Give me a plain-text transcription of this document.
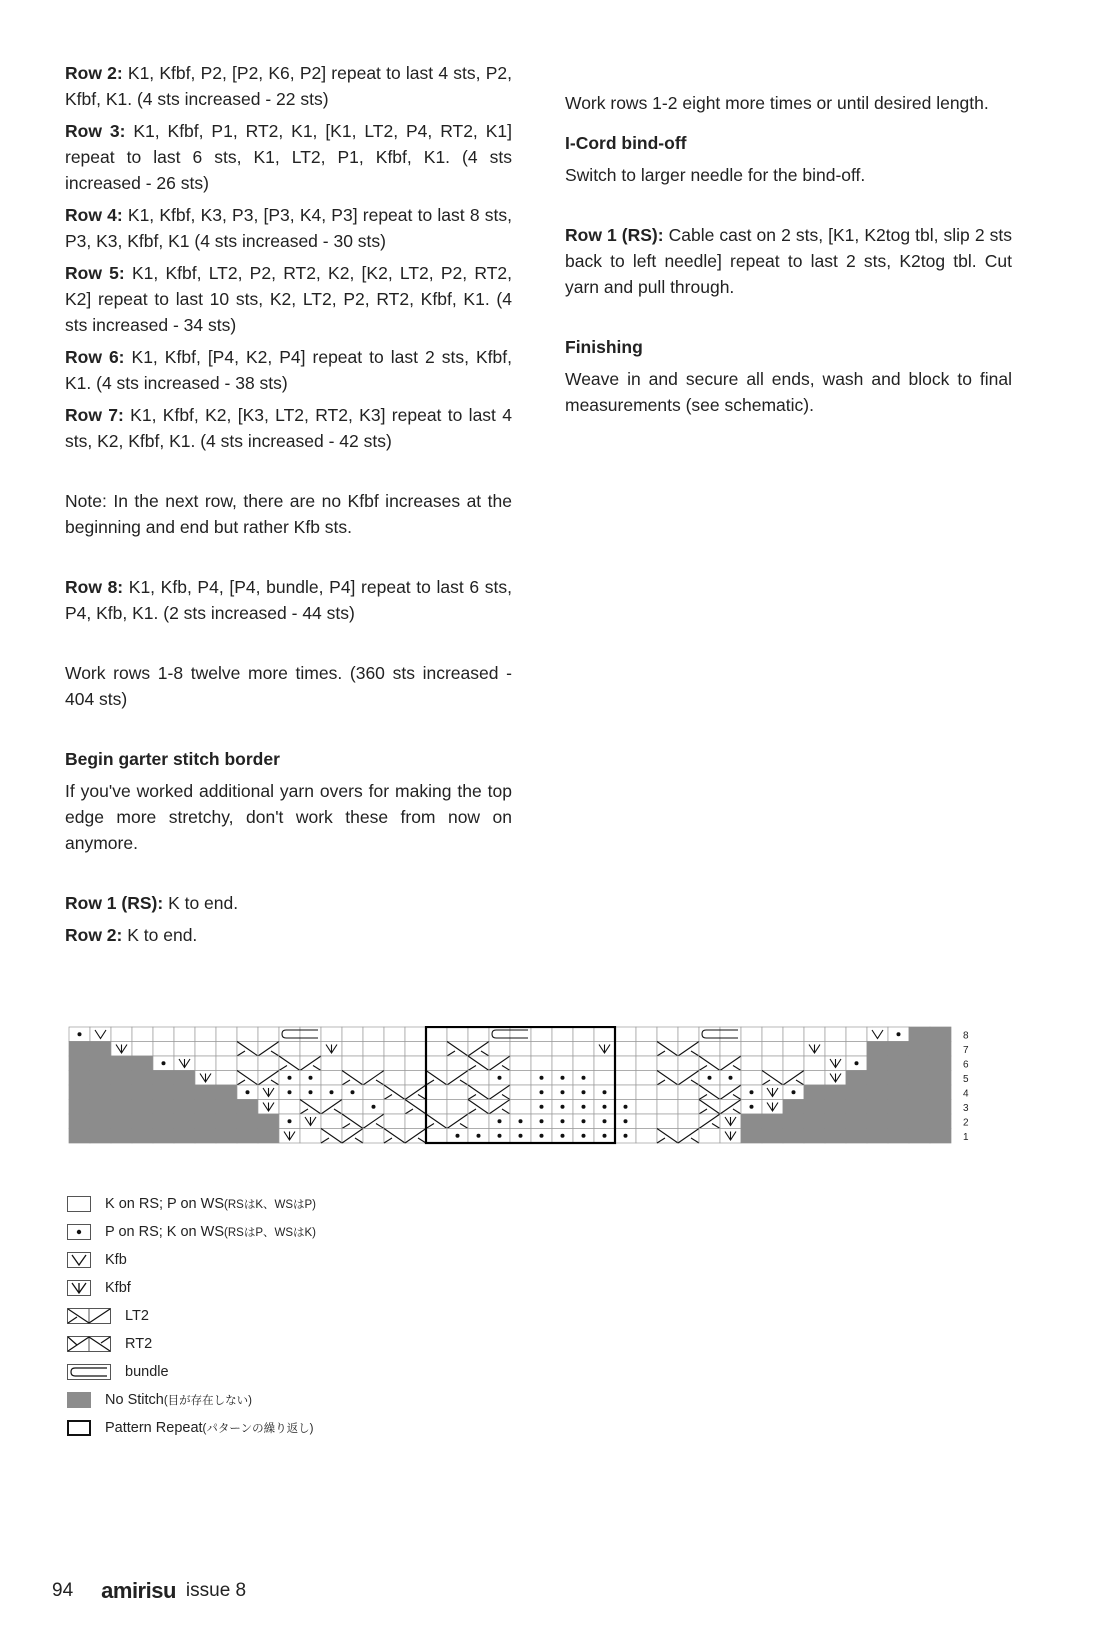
Row 2: K1, Kfbf, P2, [P2, K6, P2] repeat to last 4 sts, P2, Kfbf, K1. (4 sts increased - 22 sts)

Row 3: K1, Kfbf, P1, RT2, K1, [K1, LT2, P4, RT2, K1] repeat to last 6 sts, K1, LT2, P1, Kfbf, K1. (4 sts increased - 26 sts)

Row 4: K1, Kfbf, K3, P3, [P3, K4, P3] repeat to last 8 sts, P3, K3, Kfbf, K1 (4 sts increased - 30 sts)

Row 5: K1, Kfbf, LT2, P2, RT2, K2, [K2, LT2, P2, RT2, K2] repeat to last 10 sts, K2, LT2, P2, RT2, Kfbf, K1. (4 sts increased - 34 sts)

Row 6: K1, Kfbf, [P4, K2, P4] repeat to last 2 sts, Kfbf, K1. (4 sts increased - 38 sts)

Row 7: K1, Kfbf, K2, [K3, LT2, RT2, K3] repeat to last 4 sts, K2, Kfbf, K1. (4 sts increased - 42 sts)

Note: In the next row, there are no Kfbf increases at the beginning and end but rather Kfb sts.

Row 8: K1, Kfb, P4, [P4, bundle, P4] repeat to last 6 sts, P4, Kfb, K1. (2 sts increased - 44 sts)

Work rows 1-8 twelve more times. (360 sts increased - 404 sts)

Begin garter stitch border

If you've worked additional yarn overs for making the top edge more stretchy, don't work these from now on anymore.

Row 1 (RS): K to end.

Row 2: K to end.

Work rows 1-2 eight more times or until desired length.

I-Cord bind-off

Switch to larger needle for the bind-off.

Row 1 (RS): Cable cast on 2 sts, [K1, K2tog tbl, slip 2 sts back to left needle] repeat to last 2 sts, K2tog tbl. Cut yarn and pull through.

Finishing

Weave in and secure all ends, wash and block to final measurements (see schematic).

8
7
6
5
4
3
2
1
K on RS; P on WS(RSはK、WSはP)
P on RS; K on WS(RSはP、WSはK)
Kfb
Kfbf
LT2
RT2
bundle
No Stitch(目が存在しない)
Pattern Repeat(パターンの繰り返し)
94 amirisu issue 8
